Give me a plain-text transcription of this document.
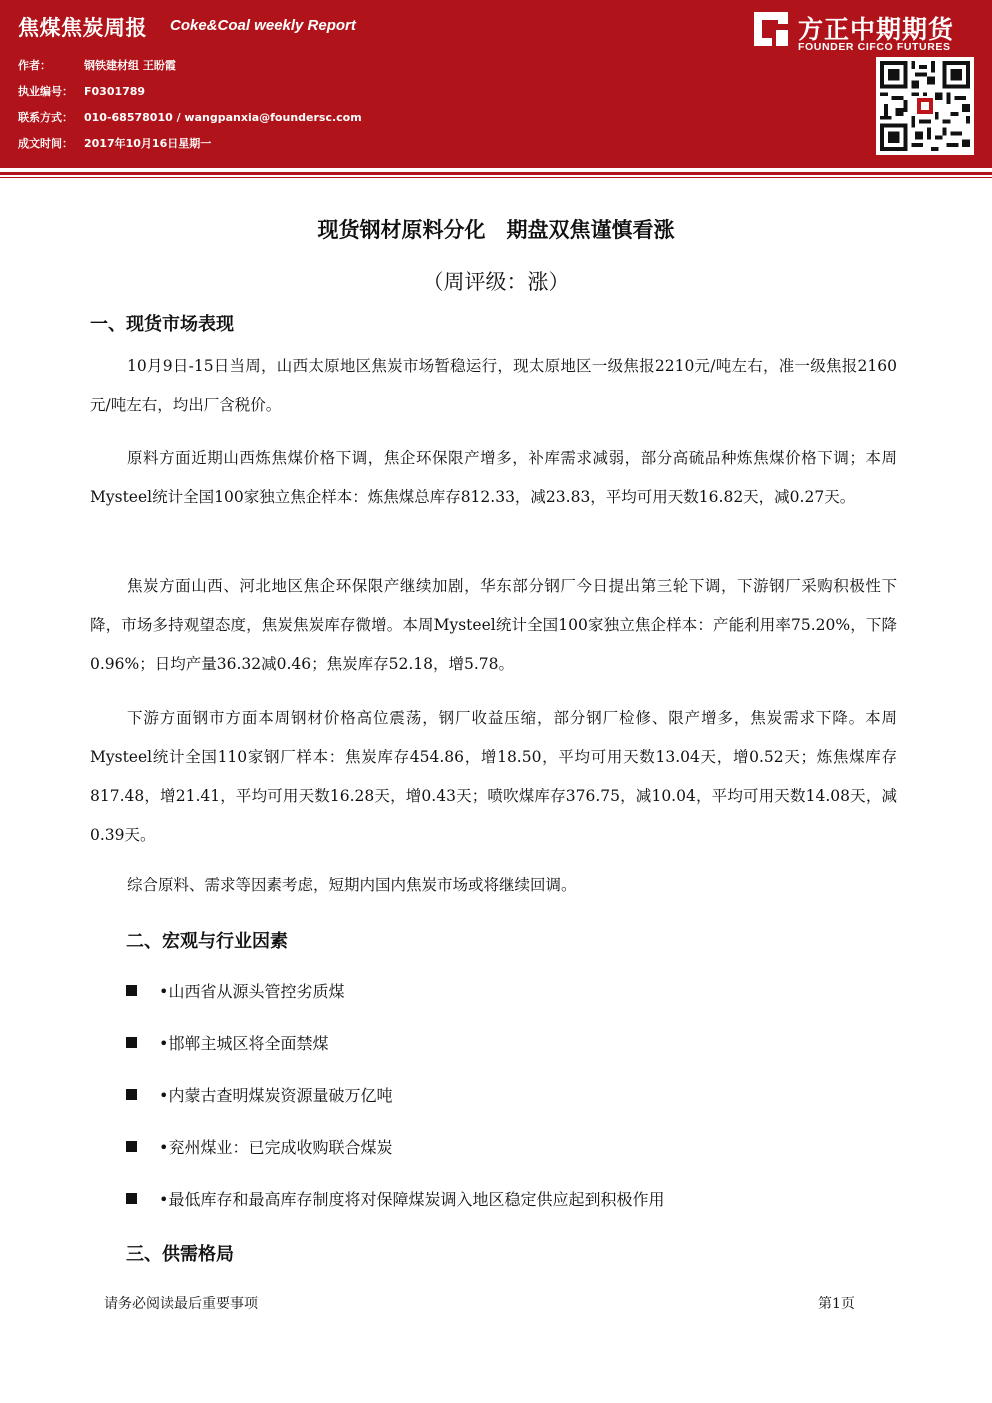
焦煤焦炭周报 Coke&Coal weekly Report
作者：	钢铁建材组 王盼霞
执业编号： F0301789
联系方式： 010-68578010 / wangpanxia@foundersc.com
成文时间： 2017年10月16日星期一
方正中期期货
FOUNDER CIFCO FUTURES
现货钢材原料分化　期盘双焦谨慎看涨
（周评级：涨）
一、现货市场表现
10月9日-15日当周，山西太原地区焦炭市场暂稳运行，现太原地区一级焦报2210元/吨左右，准一级焦报2160元/吨左右，均出厂含税价。
原料方面近期山西炼焦煤价格下调，焦企环保限产增多，补库需求减弱，部分高硫品种炼焦煤价格下调；本周Mysteel统计全国100家独立焦企样本：炼焦煤总库存812.33，减23.83，平均可用天数16.82天，减0.27天。
焦炭方面山西、河北地区焦企环保限产继续加剧，华东部分钢厂今日提出第三轮下调，下游钢厂采购积极性下降，市场多持观望态度，焦炭焦炭库存微增。本周Mysteel统计全国100家独立焦企样本：产能利用率75.20%，下降0.96%；日均产量36.32减0.46；焦炭库存52.18，增5.78。
下游方面钢市方面本周钢材价格高位震荡，钢厂收益压缩，部分钢厂检修、限产增多，焦炭需求下降。本周Mysteel统计全国110家钢厂样本：焦炭库存454.86，增18.50，平均可用天数13.04天，增0.52天；炼焦煤库存817.48，增21.41，平均可用天数16.28天，增0.43天；喷吹煤库存376.75，减10.04，平均可用天数14.08天，减0.39天。
综合原料、需求等因素考虑，短期内国内焦炭市场或将继续回调。
二、宏观与行业因素
•山西省从源头管控劣质煤
•邯郸主城区将全面禁煤
•内蒙古查明煤炭资源量破万亿吨
•兖州煤业：已完成收购联合煤炭
•最低库存和最高库存制度将对保障煤炭调入地区稳定供应起到积极作用
三、供需格局
请务必阅读最后重要事项	第1页
